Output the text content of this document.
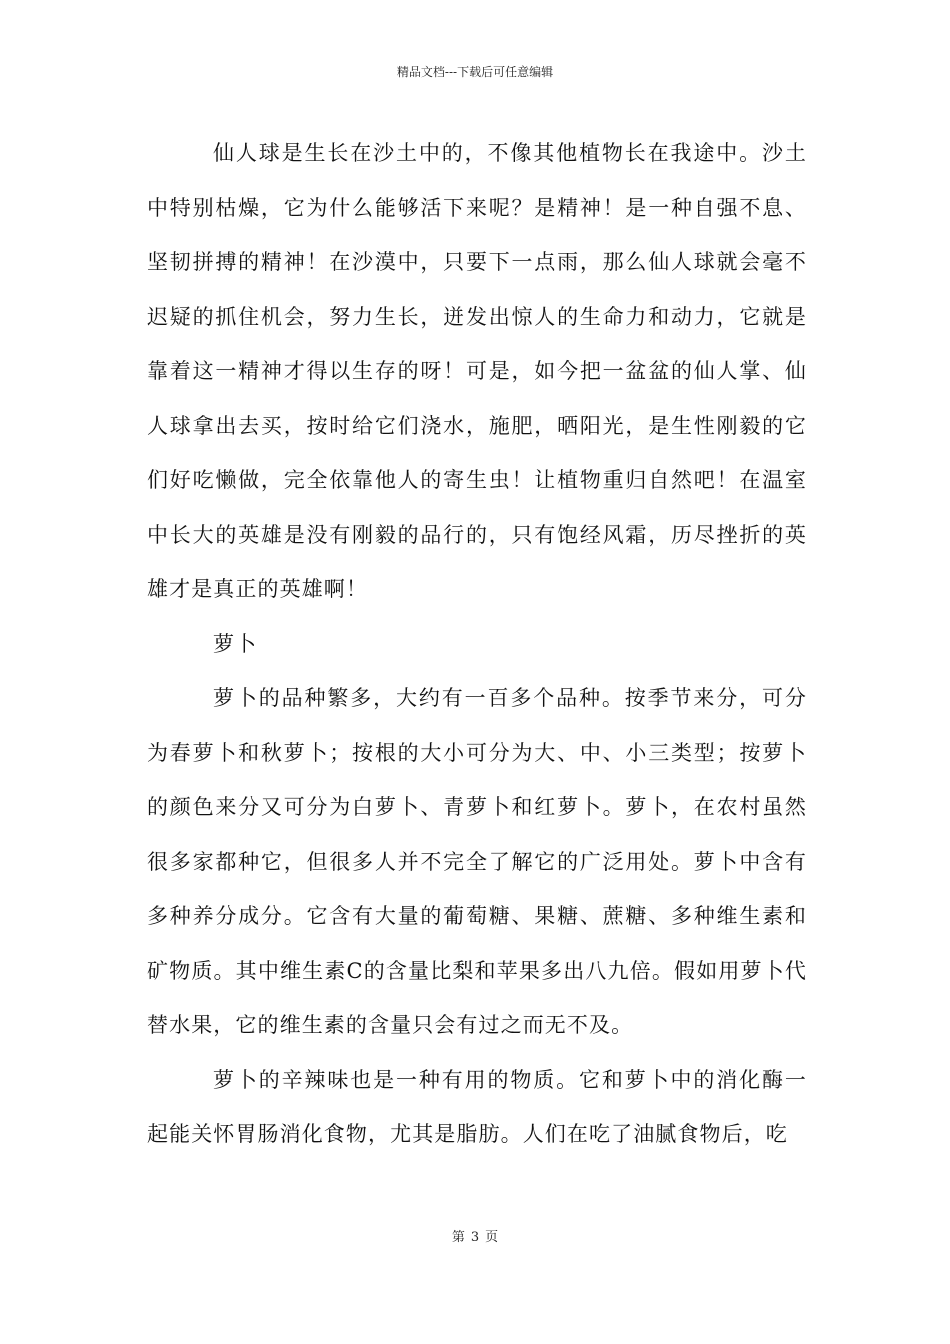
精品文档---下载后可任意编辑

仙人球是生长在沙土中的，不像其他植物长在我途中。沙土中特别枯燥，它为什么能够活下来呢？是精神！是一种自强不息、坚韧拼搏的精神！在沙漠中，只要下一点雨，那么仙人球就会毫不迟疑的抓住机会，努力生长，迸发出惊人的生命力和动力，它就是靠着这一精神才得以生存的呀！可是，如今把一盆盆的仙人掌、仙人球拿出去买，按时给它们浇水，施肥，晒阳光，是生性刚毅的它们好吃懒做，完全依靠他人的寄生虫！让植物重归自然吧！在温室中长大的英雄是没有刚毅的品行的，只有饱经风霜，历尽挫折的英雄才是真正的英雄啊！

萝卜

萝卜的品种繁多，大约有一百多个品种。按季节来分，可分为春萝卜和秋萝卜；按根的大小可分为大、中、小三类型；按萝卜的颜色来分又可分为白萝卜、青萝卜和红萝卜。萝卜，在农村虽然很多家都种它，但很多人并不完全了解它的广泛用处。萝卜中含有多种养分成分。它含有大量的葡萄糖、果糖、蔗糖、多种维生素和矿物质。其中维生素C的含量比梨和苹果多出八九倍。假如用萝卜代替水果，它的维生素的含量只会有过之而无不及。

萝卜的辛辣味也是一种有用的物质。它和萝卜中的消化酶一起能关怀胃肠消化食物，尤其是脂肪。人们在吃了油腻食物后，吃

第 3 页
